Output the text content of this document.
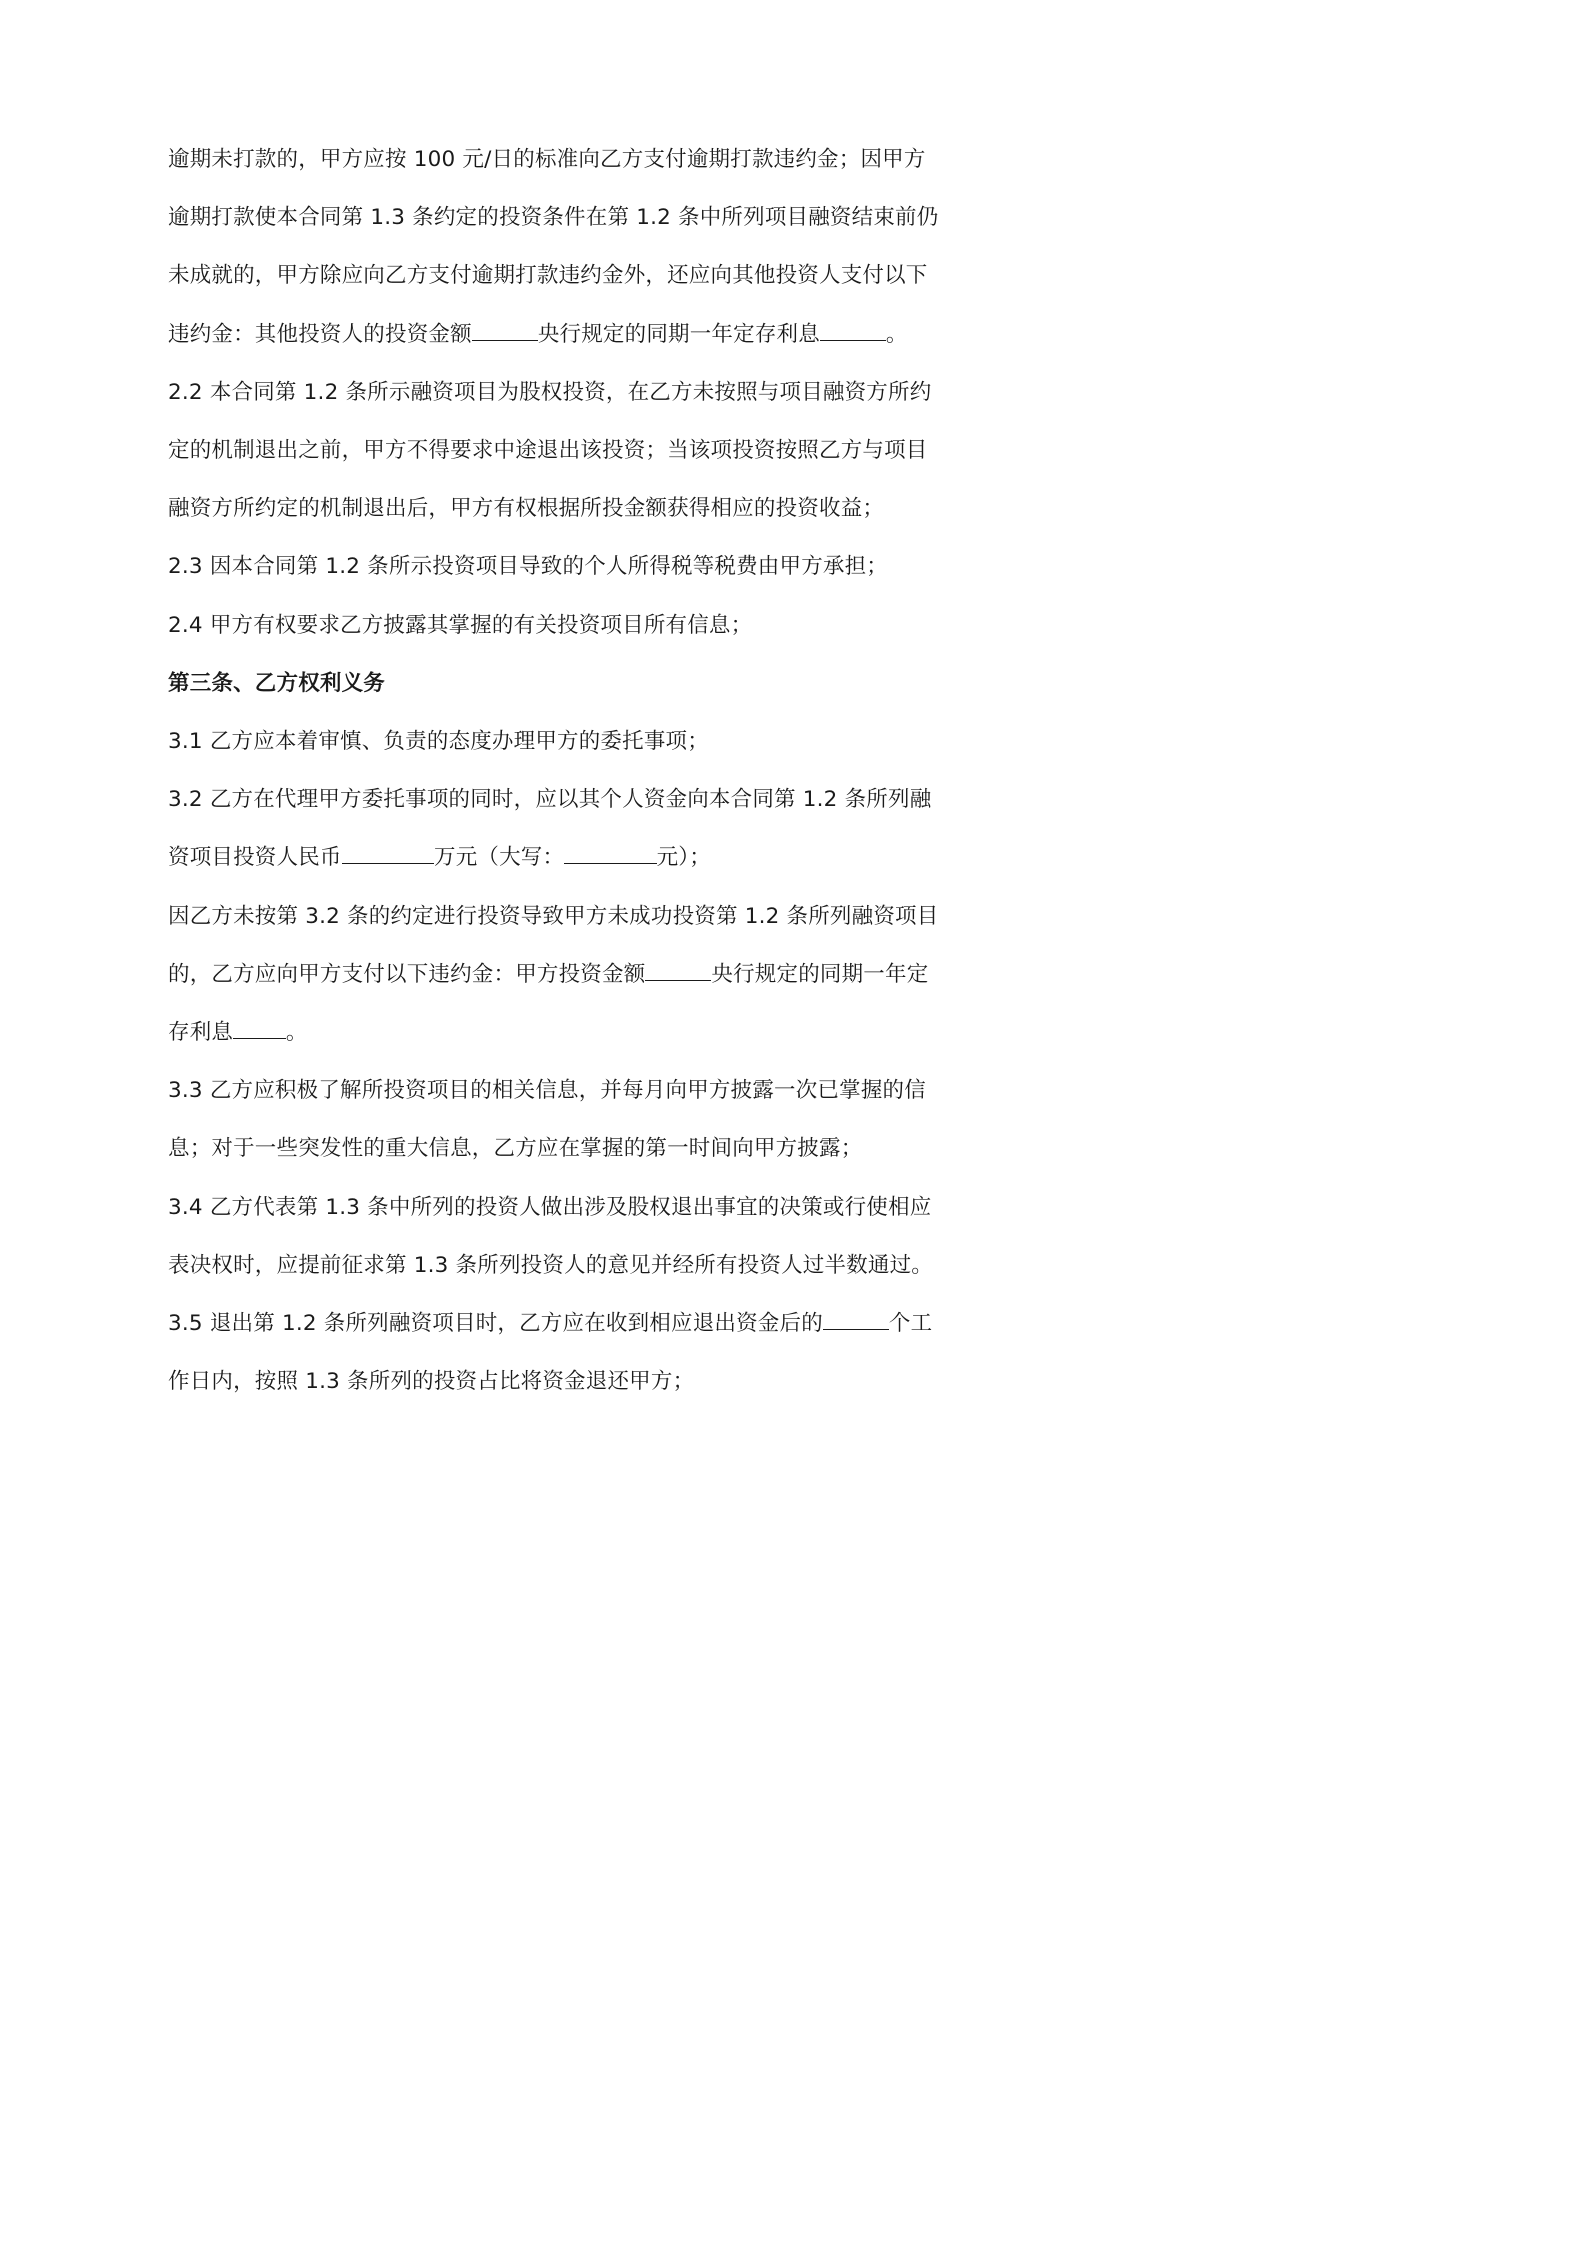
逾期未打款的，甲方应按 100 元/日的标准向乙方支付逾期打款违约金；因甲方
逾期打款使本合同第 1.3 条约定的投资条件在第 1.2 条中所列项目融资结束前仍
未成就的，甲方除应向乙方支付逾期打款违约金外，还应向其他投资人支付以下
违约金：其他投资人的投资金额	央行规定的同期一年定存利息	。
2.2 本合同第 1.2 条所示融资项目为股权投资，在乙方未按照与项目融资方所约
定的机制退出之前，甲方不得要求中途退出该投资；当该项投资按照乙方与项目
融资方所约定的机制退出后，甲方有权根据所投金额获得相应的投资收益；
2.3 因本合同第 1.2 条所示投资项目导致的个人所得税等税费由甲方承担；
2.4 甲方有权要求乙方披露其掌握的有关投资项目所有信息；
第三条、乙方权利义务
3.1 乙方应本着审慎、负责的态度办理甲方的委托事项；
3.2 乙方在代理甲方委托事项的同时，应以其个人资金向本合同第 1.2 条所列融
资项目投资人民币	万元（大写：	元）；
因乙方未按第 3.2 条的约定进行投资导致甲方未成功投资第 1.2 条所列融资项目
的，乙方应向甲方支付以下违约金：甲方投资金额	央行规定的同期一年定
存利息 。
3.3 乙方应积极了解所投资项目的相关信息，并每月向甲方披露一次已掌握的信
息；对于一些突发性的重大信息，乙方应在掌握的第一时间向甲方披露；
3.4 乙方代表第 1.3 条中所列的投资人做出涉及股权退出事宜的决策或行使相应
表决权时，应提前征求第 1.3 条所列投资人的意见并经所有投资人过半数通过。
3.5 退出第 1.2 条所列融资项目时，乙方应在收到相应退出资金后的	个工
作日内，按照 1.3 条所列的投资占比将资金退还甲方；
